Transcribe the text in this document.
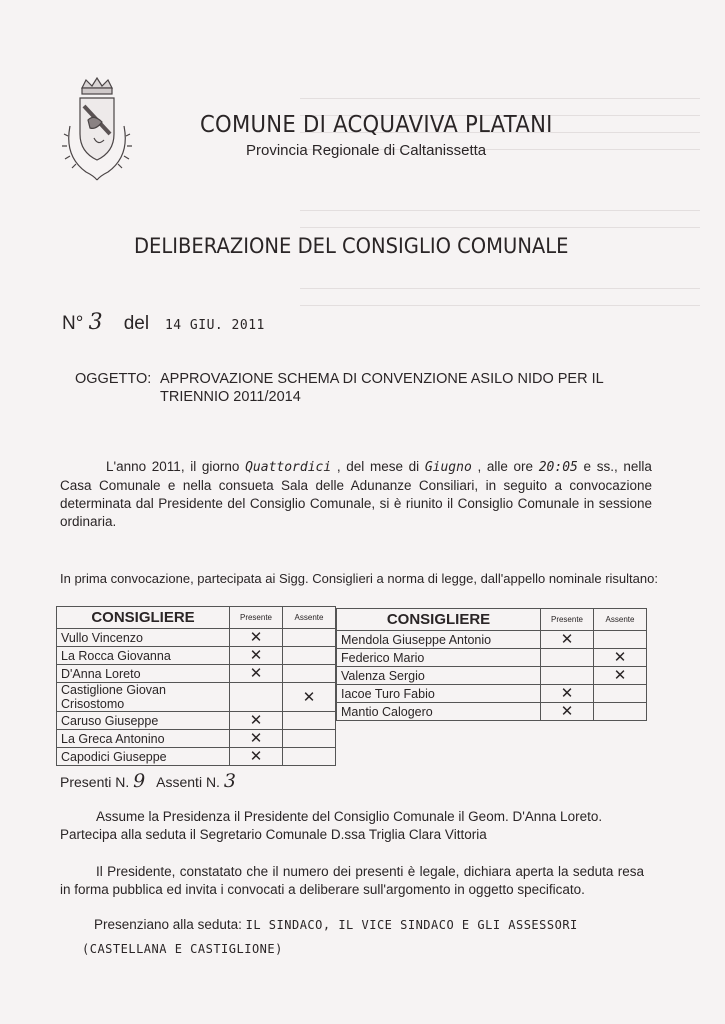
COMUNE DI ACQUAVIVA PLATANI
Provincia Regionale di Caltanissetta
DELIBERAZIONE DEL CONSIGLIO COMUNALE
N° 3 del 14 GIU. 2011
OGGETTO: APPROVAZIONE SCHEMA DI CONVENZIONE ASILO NIDO PER IL TRIENNIO 2011/2014
L'anno 2011, il giorno Quattordici , del mese di Giugno , alle ore 20:05 e ss., nella Casa Comunale e nella consueta Sala delle Adunanze Consiliari, in seguito a convocazione determinata dal Presidente del Consiglio Comunale, si è riunito il Consiglio Comunale in sessione ordinaria.
In prima convocazione, partecipata ai Sigg. Consiglieri a norma di legge, dall'appello nominale risultano:
CONSIGLIERE	Presente	Assente
Vullo Vincenzo	✕	
La Rocca Giovanna	✕	
D'Anna Loreto	✕	
Castiglione Giovan Crisostomo		✕
Caruso Giuseppe	✕	
La Greca Antonino	✕	
Capodici Giuseppe	✕	
CONSIGLIERE	Presente	Assente
Mendola Giuseppe Antonio	✕	
Federico Mario		✕
Valenza Sergio		✕
Iacoe Turo Fabio	✕	
Mantio Calogero	✕	
Presenti N. 9 Assenti N. 3

Assume la Presidenza il Presidente del Consiglio Comunale il Geom. D'Anna Loreto.

Partecipa alla seduta il Segretario Comunale D.ssa Triglia Clara Vittoria

Il Presidente, constatato che il numero dei presenti è legale, dichiara aperta la seduta resa in forma pubblica ed invita i convocati a deliberare sull'argomento in oggetto specificato.
Presenziano alla seduta: IL SINDACO, IL VICE SINDACO E GLI ASSESSORI
(CASTELLANA E CASTIGLIONE)
